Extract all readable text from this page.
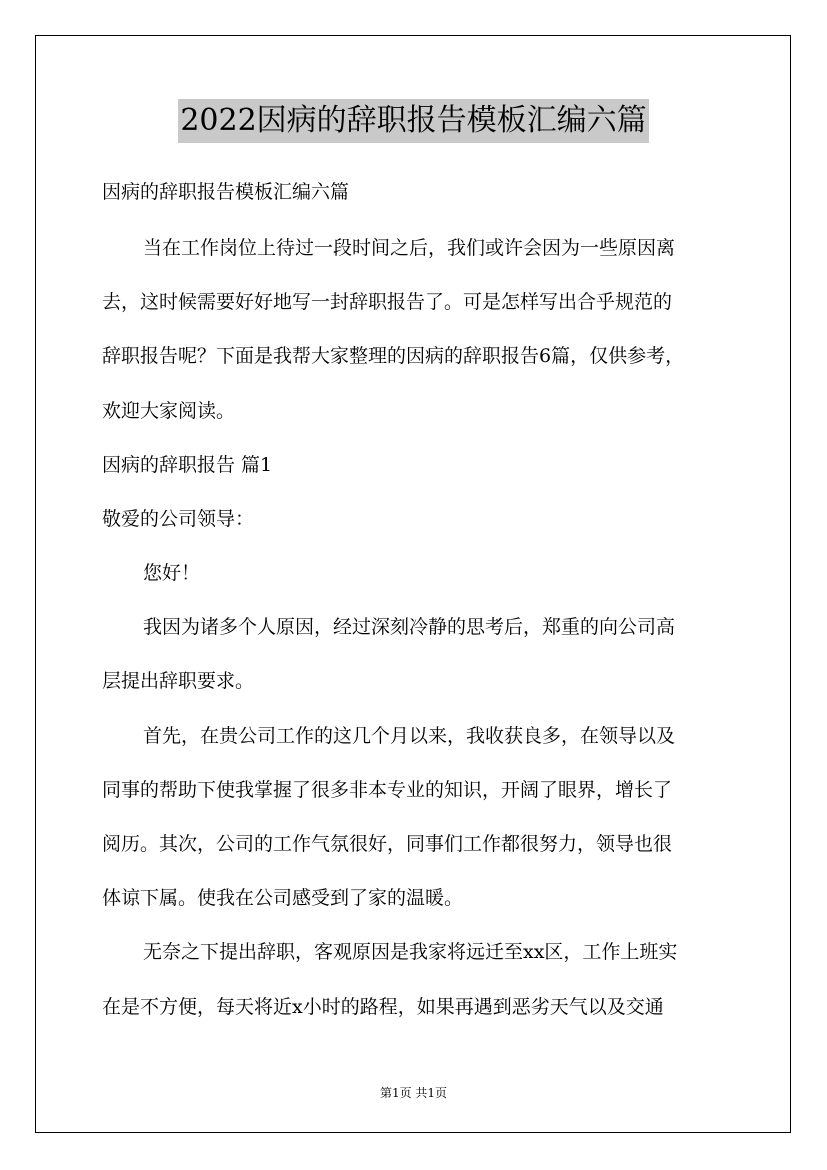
2022因病的辞职报告模板汇编六篇
因病的辞职报告模板汇编六篇
当在工作岗位上待过一段时间之后，我们或许会因为一些原因离
去，这时候需要好好地写一封辞职报告了。可是怎样写出合乎规范的
辞职报告呢？下面是我帮大家整理的因病的辞职报告6篇，仅供参考，
欢迎大家阅读。
因病的辞职报告 篇1
敬爱的公司领导：
您好！
我因为诸多个人原因，经过深刻冷静的思考后，郑重的向公司高
层提出辞职要求。
首先，在贵公司工作的这几个月以来，我收获良多，在领导以及
同事的帮助下使我掌握了很多非本专业的知识，开阔了眼界，增长了
阅历。其次，公司的工作气氛很好，同事们工作都很努力，领导也很
体谅下属。使我在公司感受到了家的温暖。
无奈之下提出辞职，客观原因是我家将远迁至xx区，工作上班实
在是不方便，每天将近x小时的路程，如果再遇到恶劣天气以及交通
第1页 共1页
